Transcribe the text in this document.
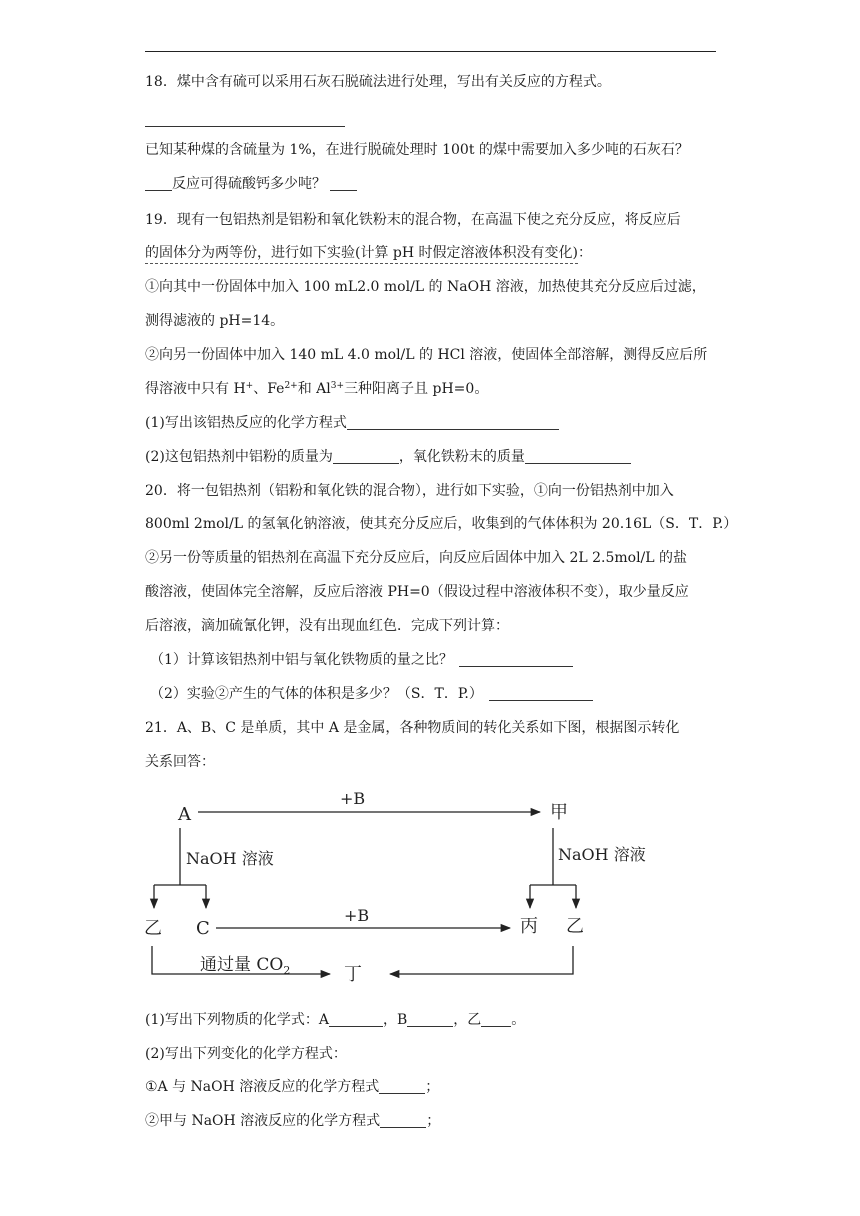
18．煤中含有硫可以采用石灰石脱硫法进行处理，写出有关反应的方程式。
已知某种煤的含硫量为 1%，在进行脱硫处理时 100t 的煤中需要加入多少吨的石灰石？
反应可得硫酸钙多少吨？
19．现有一包铝热剂是铝粉和氧化铁粉末的混合物，在高温下使之充分反应，将反应后
的固体分为两等份，进行如下实验(计算 pH 时假定溶液体积没有变化)：
①向其中一份固体中加入 100 mL2.0 mol/L 的 NaOH 溶液，加热使其充分反应后过滤，
测得滤液的 pH=14。
②向另一份固体中加入 140 mL 4.0 mol/L 的 HCl 溶液，使固体全部溶解，测得反应后所
得溶液中只有 H+、$Fe^{2+}$和 $Al^{3+}$三种阳离子且 pH=0。
(1)写出该铝热反应的化学方程式
(2)这包铝热剂中铝粉的质量为	，氧化铁粉末的质量
20．将一包铝热剂（铝粉和氧化铁的混合物），进行如下实验，①向一份铝热剂中加入
800ml 2mol/L 的氢氧化钠溶液，使其充分反应后，收集到的气体体积为 20.16L（S．T．P.）
②另一份等质量的铝热剂在高温下充分反应后，向反应后固体中加入 2L 2.5mol/L 的盐
酸溶液，使固体完全溶解，反应后溶液 PH=0（假设过程中溶液体积不变），取少量反应
后溶液，滴加硫氰化钾，没有出现血红色．完成下列计算：
（1）计算该铝热剂中铝与氧化铁物质的量之比？
（2）实验②产生的气体的体积是多少？（S．T．P.）
21．A、B、C 是单质，其中 A 是金属，各种物质间的转化关系如下图，根据图示转化
关系回答：
A
+B
甲
NaOH 溶液	NaOH 溶液
乙 C
+B
丙 乙
通过量 $CO_2$	丁
(1)写出下列物质的化学式：A	，B	，乙 。
(2)写出下列变化的化学方程式：
①A 与 NaOH 溶液反应的化学方程式	；
②甲与 NaOH 溶液反应的化学方程式	；
